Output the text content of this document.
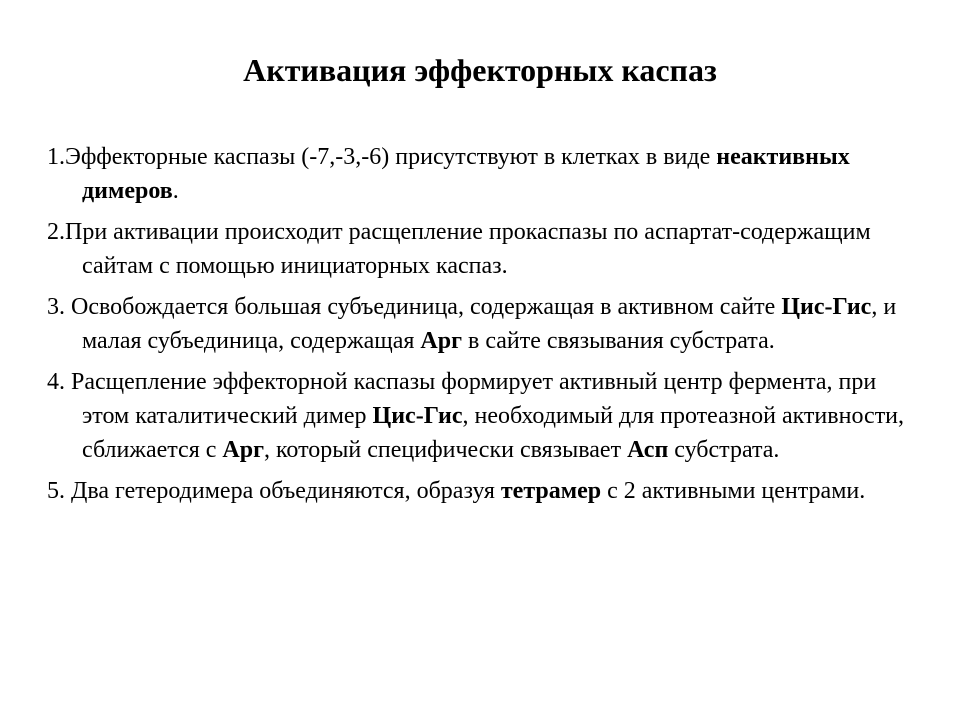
Активация эффекторных каспаз
1.Эффекторные каспазы (-7,-3,-6) присутствуют в клетках в виде неактивных димеров.
2.При активации происходит расщепление прокаспазы по аспартат-содержащим сайтам с помощью инициаторных каспаз.
3. Освобождается большая субъединица, содержащая в активном сайте Цис-Гис, и малая субъединица, содержащая Арг в сайте связывания субстрата.
4. Расщепление эффекторной каспазы формирует активный центр фермента, при этом каталитический димер Цис-Гис, необходимый для протеазной активности, сближается с Арг, который специфически связывает Асп субстрата.
5. Два гетеродимера объединяются, образуя тетрамер с 2 активными центрами.
